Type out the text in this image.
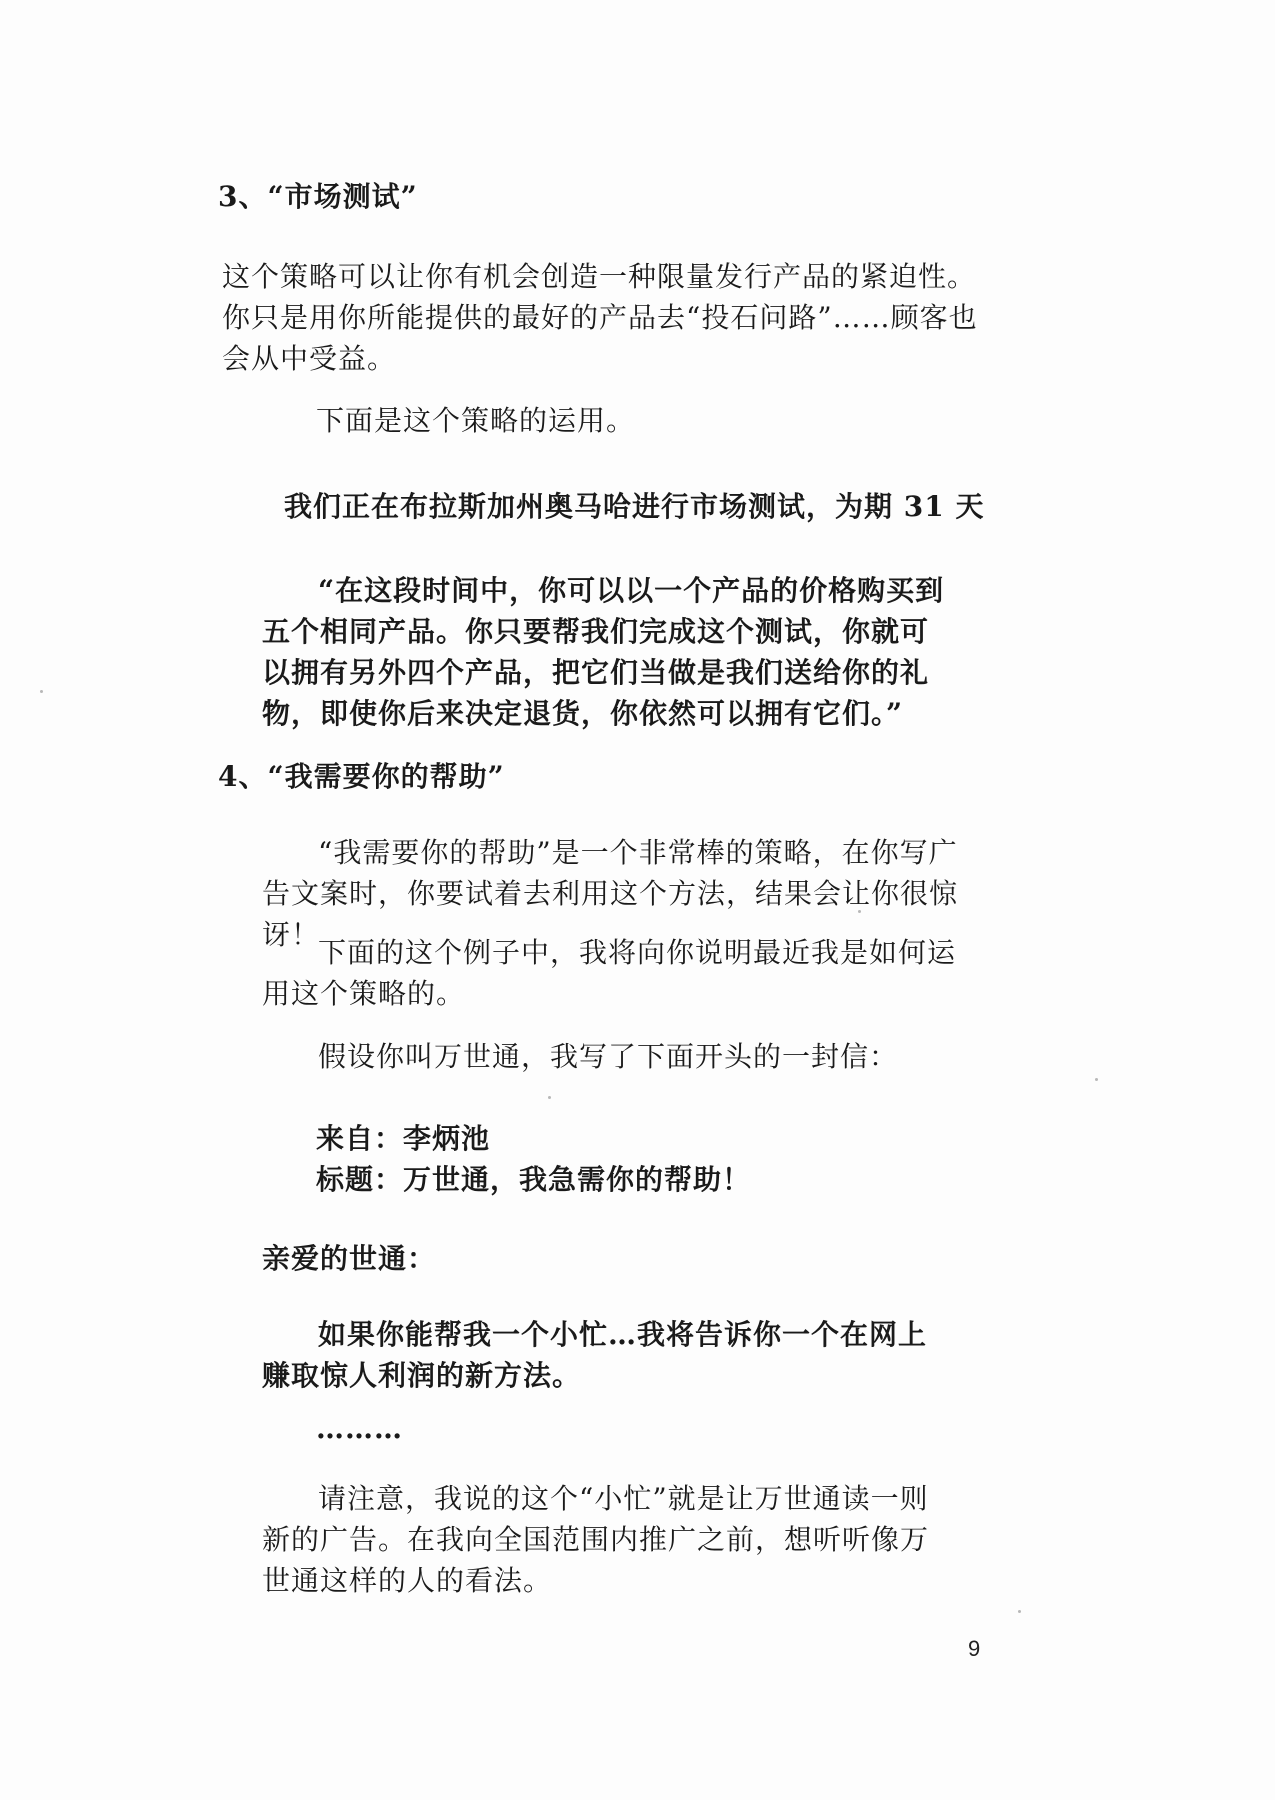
3、“市场测试”

这个策略可以让你有机会创造一种限量发行产品的紧迫性。你只是用你所能提供的最好的产品去“投石问路”……顾客也会从中受益。

下面是这个策略的运用。

我们正在布拉斯加州奥马哈进行市场测试，为期 31 天

“在这段时间中，你可以以一个产品的价格购买到五个相同产品。你只要帮我们完成这个测试，你就可以拥有另外四个产品，把它们当做是我们送给你的礼物，即使你后来决定退货，你依然可以拥有它们。”

4、“我需要你的帮助”

“我需要你的帮助”是一个非常棒的策略，在你写广告文案时，你要试着去利用这个方法，结果会让你很惊讶！

下面的这个例子中，我将向你说明最近我是如何运用这个策略的。

假设你叫万世通，我写了下面开头的一封信：

来自：李炳池

标题：万世通，我急需你的帮助！

亲爱的世通：

如果你能帮我一个小忙…我将告诉你一个在网上赚取惊人利润的新方法。

………

请注意，我说的这个“小忙”就是让万世通读一则新的广告。在我向全国范围内推广之前，想听听像万世通这样的人的看法。

9
